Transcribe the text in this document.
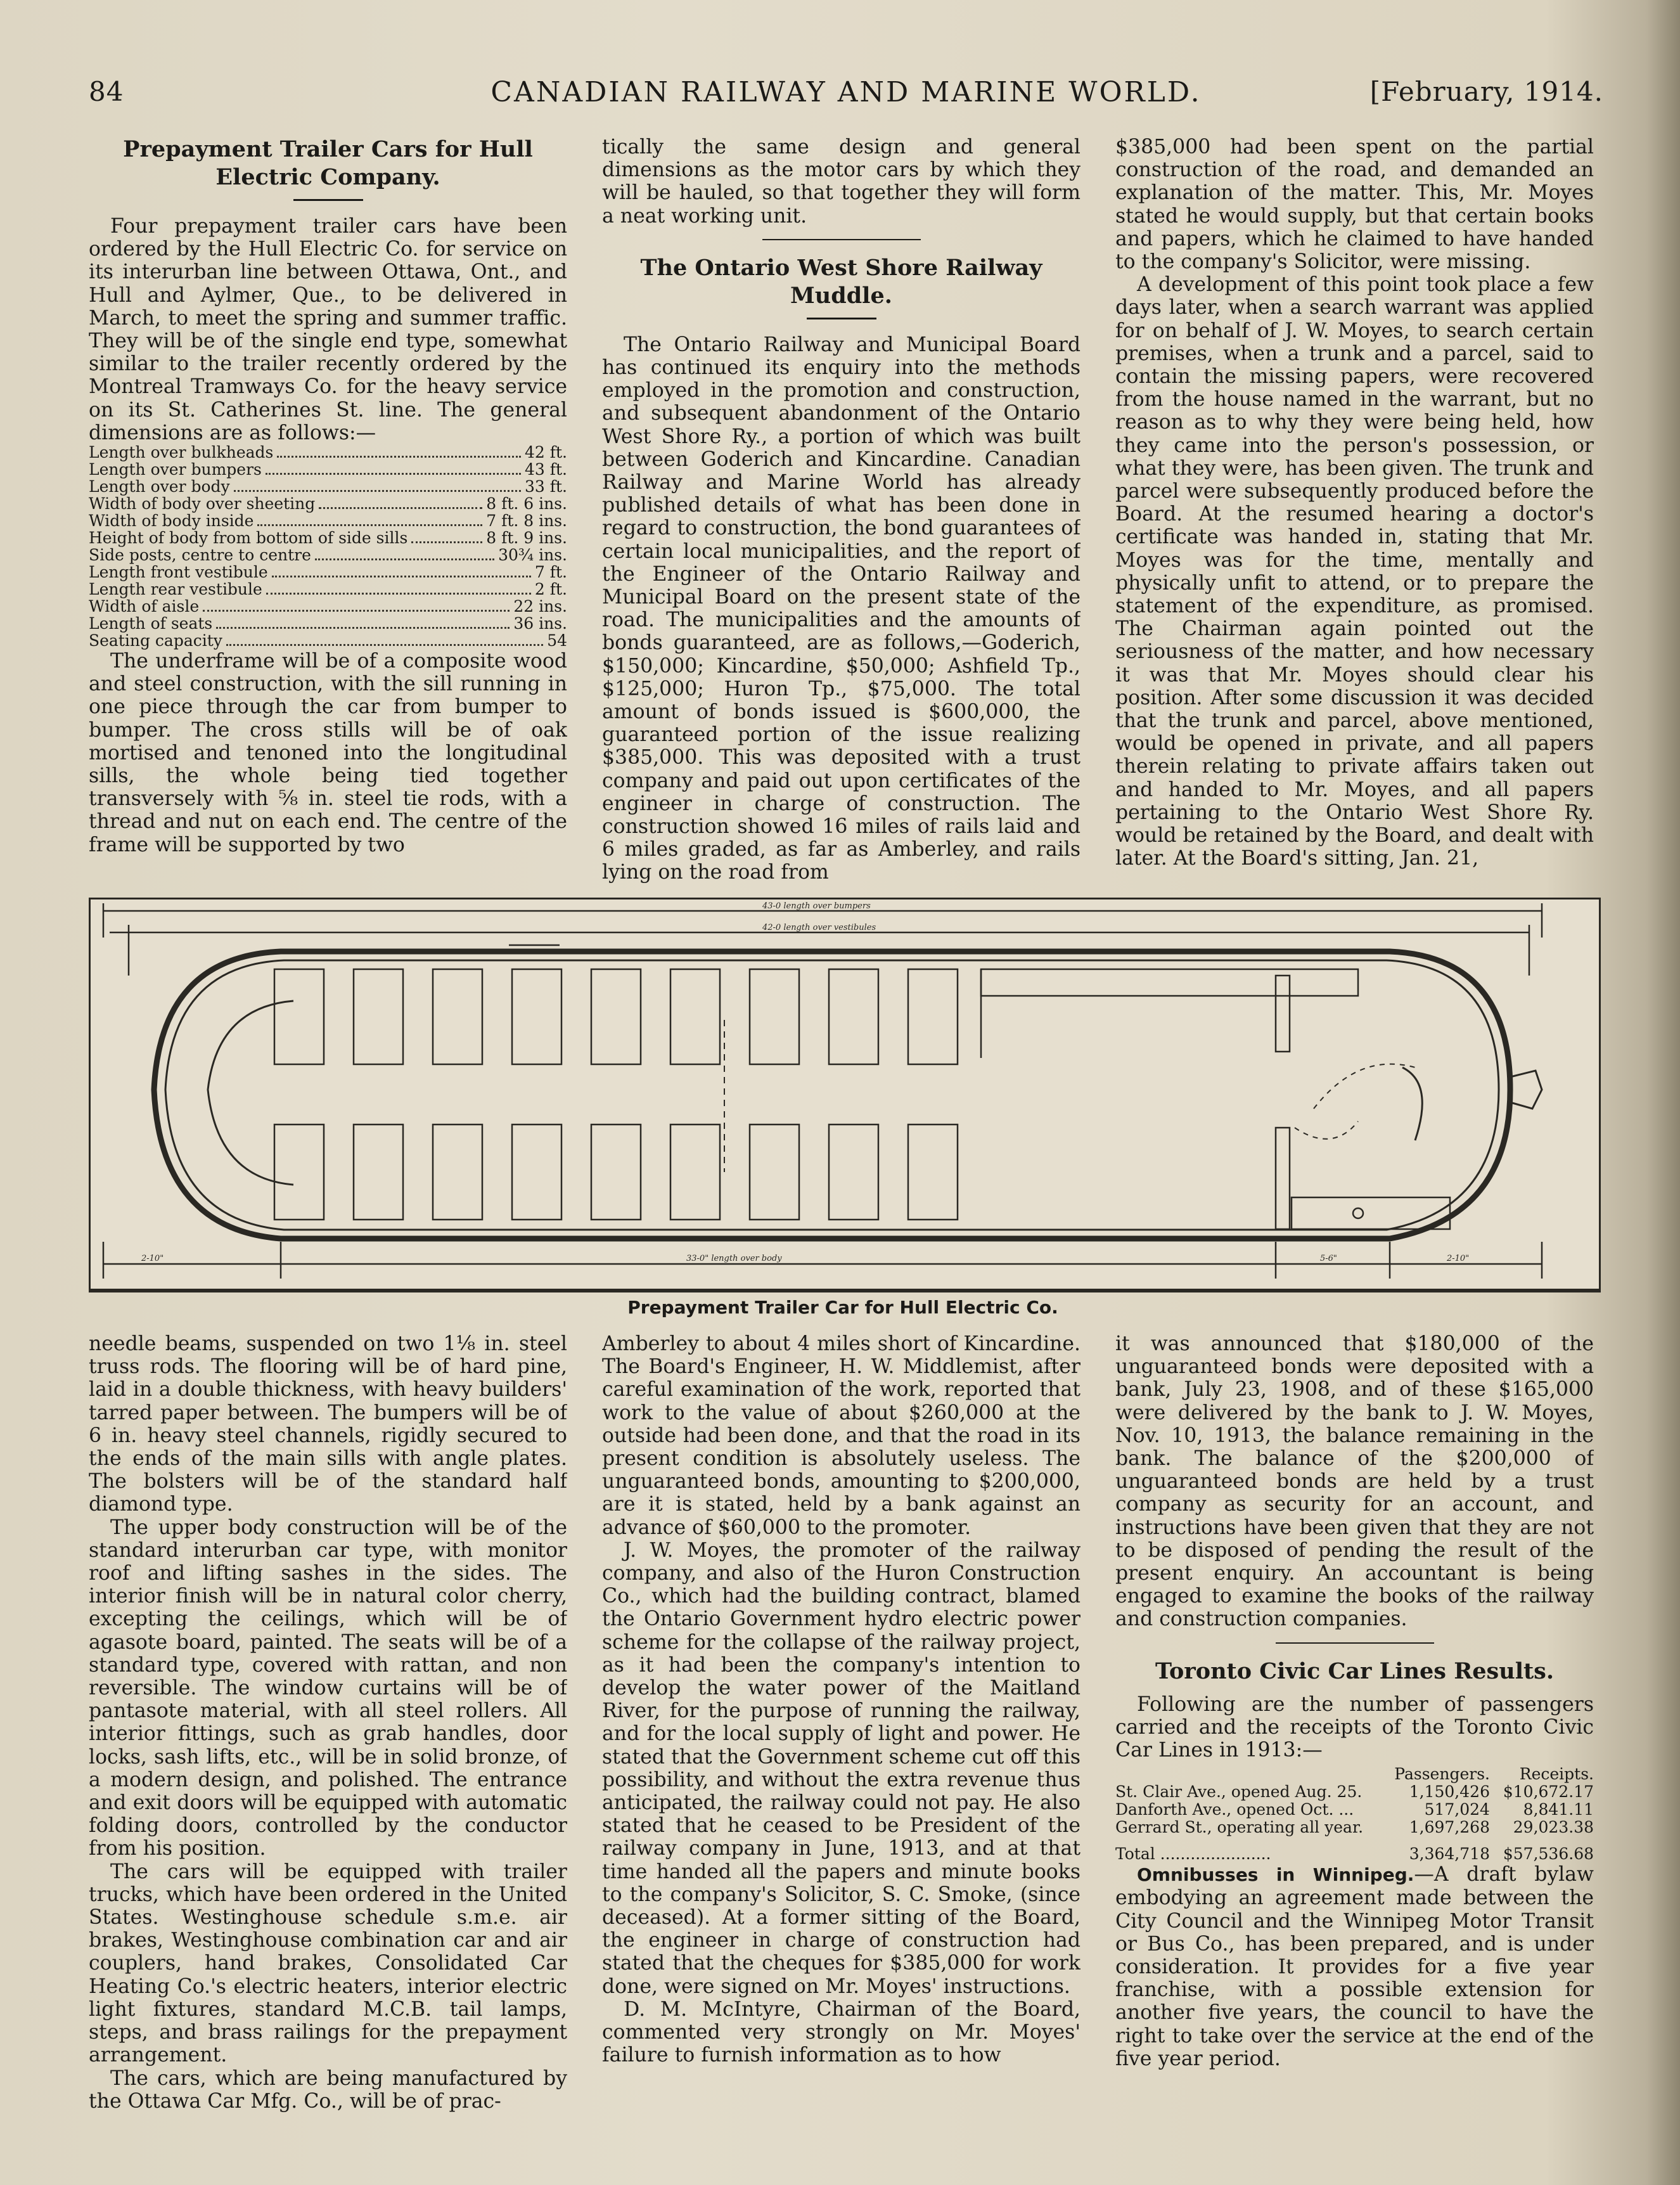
84	CANADIAN RAILWAY AND MARINE WORLD.	[February, 1914.
Prepayment Trailer Cars for Hull Electric Company.

Four prepayment trailer cars have been ordered by the Hull Electric Co. for service on its interurban line between Ottawa, Ont., and Hull and Aylmer, Que., to be delivered in March, to meet the spring and summer traffic. They will be of the single end type, somewhat similar to the trailer recently ordered by the Montreal Tramways Co. for the heavy service on its St. Catherines St. line. The general dimensions are as follows:—

Length over bulkheads	42 ft.
Length over bumpers	43 ft.
Length over body	33 ft.
Width of body over sheeting	8 ft. 6 ins.
Width of body inside	7 ft. 8 ins.
Height of body from bottom of side sills	8 ft. 9 ins.
Side posts, centre to centre	30¾ ins.
Length front vestibule	7 ft.
Length rear vestibule	2 ft.
Width of aisle	22 ins.
Length of seats	36 ins.
Seating capacity	54

The underframe will be of a composite wood and steel construction, with the sill running in one piece through the car from bumper to bumper. The cross stills will be of oak mortised and tenoned into the longitudinal sills, the whole being tied together transversely with ⅝ in. steel tie rods, with a thread and nut on each end. The centre of the frame will be supported by two

tically the same design and general dimensions as the motor cars by which they will be hauled, so that together they will form a neat working unit.

The Ontario West Shore Railway Muddle.

The Ontario Railway and Municipal Board has continued its enquiry into the methods employed in the promotion and construction, and subsequent abandonment of the Ontario West Shore Ry., a portion of which was built between Goderich and Kincardine. Canadian Railway and Marine World has already published details of what has been done in regard to construction, the bond guarantees of certain local municipalities, and the report of the Engineer of the Ontario Railway and Municipal Board on the present state of the road. The municipalities and the amounts of bonds guaranteed, are as follows,—Goderich, $150,000; Kincardine, $50,000; Ashfield Tp., $125,000; Huron Tp., $75,000. The total amount of bonds issued is $600,000, the guaranteed portion of the issue realizing $385,000. This was deposited with a trust company and paid out upon certificates of the engineer in charge of construction. The construction showed 16 miles of rails laid and 6 miles graded, as far as Amberley, and rails lying on the road from

$385,000 had been spent on the partial construction of the road, and demanded an explanation of the matter. This, Mr. Moyes stated he would supply, but that certain books and papers, which he claimed to have handed to the company's Solicitor, were missing.

A development of this point took place a few days later, when a search warrant was applied for on behalf of J. W. Moyes, to search certain premises, when a trunk and a parcel, said to contain the missing papers, were recovered from the house named in the warrant, but no reason as to why they were being held, how they came into the person's possession, or what they were, has been given. The trunk and parcel were subsequently produced before the Board. At the resumed hearing a doctor's certificate was handed in, stating that Mr. Moyes was for the time, mentally and physically unfit to attend, or to prepare the statement of the expenditure, as promised. The Chairman again pointed out the seriousness of the matter, and how necessary it was that Mr. Moyes should clear his position. After some discussion it was decided that the trunk and parcel, above mentioned, would be opened in private, and all papers therein relating to private affairs taken out and handed to Mr. Moyes, and all papers pertaining to the Ontario West Shore Ry. would be retained by the Board, and dealt with later. At the Board's sitting, Jan. 21,

43-0 length over bumpers
42-0 length over vestibules
2-10"	33-0" length over body	5-6"	2-10"
Prepayment Trailer Car for Hull Electric Co.

needle beams, suspended on two 1⅛ in. steel truss rods. The flooring will be of hard pine, laid in a double thickness, with heavy builders' tarred paper between. The bumpers will be of 6 in. heavy steel channels, rigidly secured to the ends of the main sills with angle plates. The bolsters will be of the standard half diamond type.

The upper body construction will be of the standard interurban car type, with monitor roof and lifting sashes in the sides. The interior finish will be in natural color cherry, excepting the ceilings, which will be of agasote board, painted. The seats will be of a standard type, covered with rattan, and non reversible. The window curtains will be of pantasote material, with all steel rollers. All interior fittings, such as grab handles, door locks, sash lifts, etc., will be in solid bronze, of a modern design, and polished. The entrance and exit doors will be equipped with automatic folding doors, controlled by the conductor from his position.

The cars will be equipped with trailer trucks, which have been ordered in the United States. Westinghouse schedule s.m.e. air brakes, Westinghouse combination car and air couplers, hand brakes, Consolidated Car Heating Co.'s electric heaters, interior electric light fixtures, standard M.C.B. tail lamps, steps, and brass railings for the prepayment arrangement.

The cars, which are being manufactured by the Ottawa Car Mfg. Co., will be of prac-

Amberley to about 4 miles short of Kincardine. The Board's Engineer, H. W. Middlemist, after careful examination of the work, reported that work to the value of about $260,000 at the outside had been done, and that the road in its present condition is absolutely useless. The unguaranteed bonds, amounting to $200,000, are it is stated, held by a bank against an advance of $60,000 to the promoter.

J. W. Moyes, the promoter of the railway company, and also of the Huron Construction Co., which had the building contract, blamed the Ontario Government hydro electric power scheme for the collapse of the railway project, as it had been the company's intention to develop the water power of the Maitland River, for the purpose of running the railway, and for the local supply of light and power. He stated that the Government scheme cut off this possibility, and without the extra revenue thus anticipated, the railway could not pay. He also stated that he ceased to be President of the railway company in June, 1913, and at that time handed all the papers and minute books to the company's Solicitor, S. C. Smoke, (since deceased). At a former sitting of the Board, the engineer in charge of construction had stated that the cheques for $385,000 for work done, were signed on Mr. Moyes' instructions.

D. M. McIntyre, Chairman of the Board, commented very strongly on Mr. Moyes' failure to furnish information as to how

it was announced that $180,000 of the unguaranteed bonds were deposited with a bank, July 23, 1908, and of these $165,000 were delivered by the bank to J. W. Moyes, Nov. 10, 1913, the balance remaining in the bank. The balance of the $200,000 of unguaranteed bonds are held by a trust company as security for an account, and instructions have been given that they are not to be disposed of pending the result of the present enquiry. An accountant is being engaged to examine the books of the railway and construction companies.

Toronto Civic Car Lines Results.

Following are the number of passengers carried and the receipts of the Toronto Civic Car Lines in 1913:—

	Passengers.	Receipts.
St. Clair Ave., opened Aug. 25.	1,150,426	$10,672.17
Danforth Ave., opened Oct. ...	517,024	8,841.11
Gerrard St., operating all year.	1,697,268	29,023.38
Total ......................	3,364,718	$57,536.68

Omnibusses in Winnipeg.—A draft bylaw embodying an agreement made between the City Council and the Winnipeg Motor Transit or Bus Co., has been prepared, and is under consideration. It provides for a five year franchise, with a possible extension for another five years, the council to have the right to take over the service at the end of the five year period.
